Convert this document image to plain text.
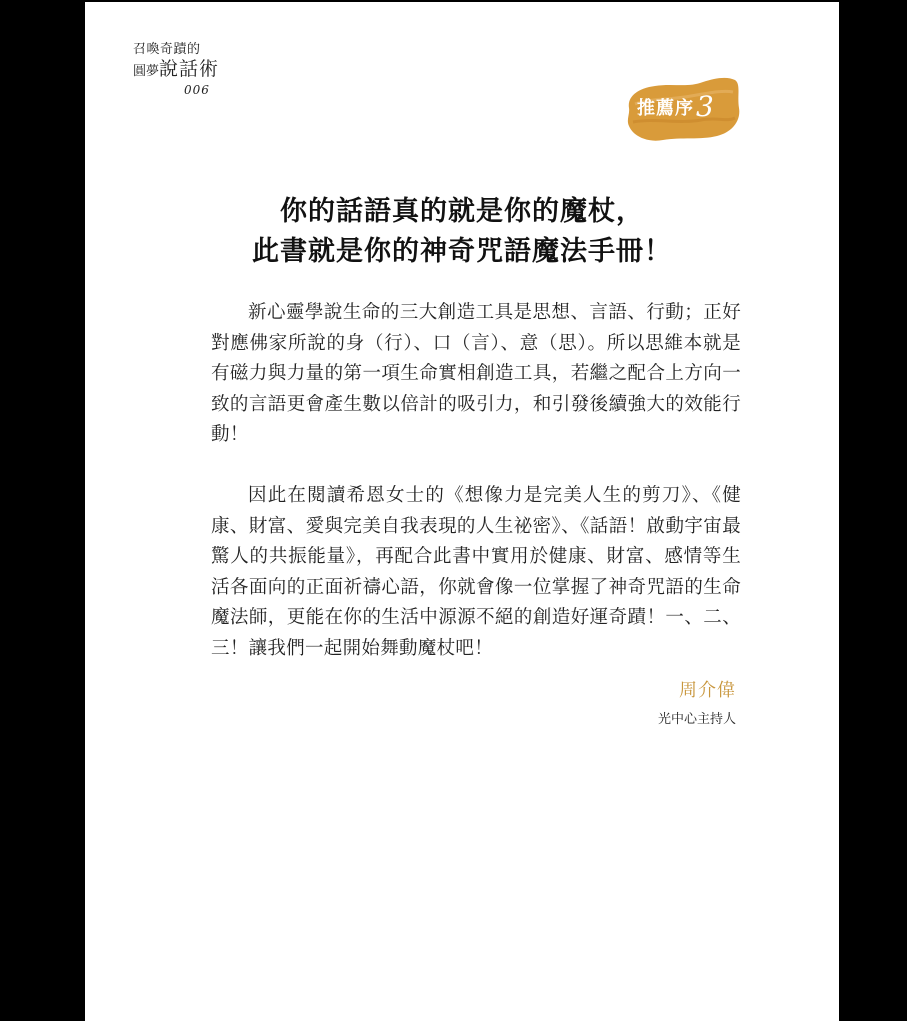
召喚奇蹟的
圓夢說話術
006
推薦序3
你的話語真的就是你的魔杖，
此書就是你的神奇咒語魔法手冊！

新心靈學說生命的三大創造工具是思想、言語、行動；正好對應佛家所說的身（行）、口（言）、意（思）。所以思維本就是有磁力與力量的第一項生命實相創造工具，若繼之配合上方向一致的言語更會產生數以倍計的吸引力，和引發後續強大的效能行動！

因此在閱讀希恩女士的《想像力是完美人生的剪刀》、《健康、財富、愛與完美自我表現的人生祕密》、《話語！啟動宇宙最驚人的共振能量》，再配合此書中實用於健康、財富、感情等生活各面向的正面祈禱心語，你就會像一位掌握了神奇咒語的生命魔法師，更能在你的生活中源源不絕的創造好運奇蹟！一、二、三！讓我們一起開始舞動魔杖吧！

周介偉
光中心主持人
